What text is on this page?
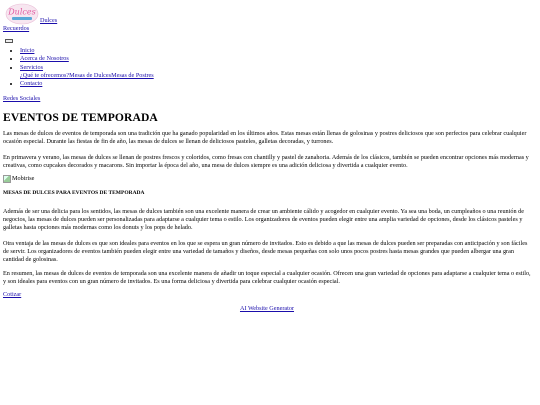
Dulces
Dulces
Recuerdos
• Inicio
• Acerca de Nosotros
• Servicios
¿Qué te ofrecemos?Mesas de DulcesMesas de Postres
• Contacto
Redes Sociales
EVENTOS DE TEMPORADA

Las mesas de dulces de eventos de temporada son una tradición que ha ganado popularidad en los últimos años. Estas mesas están llenas de golosinas y postres deliciosos que son perfectos para celebrar cualquier ocasión especial. Durante las fiestas de fin de año, las mesas de dulces se llenan de deliciosos pasteles, galletas decoradas, y turrones.

En primavera y verano, las mesas de dulces se llenan de postres frescos y coloridos, como fresas con chantilly y pastel de zanahoria. Además de los clásicos, también se pueden encontrar opciones más modernas y creativas, como cupcakes decorados y macarons. Sin importar la época del año, una mesa de dulces siempre es una adición deliciosa y divertida a cualquier evento.

Mobirise
MESAS DE DULCES PARA EVENTOS DE TEMPORADA

Además de ser una delicia para los sentidos, las mesas de dulces también son una excelente manera de crear un ambiente cálido y acogedor en cualquier evento. Ya sea una boda, un cumpleaños o una reunión de negocios, las mesas de dulces pueden ser personalizadas para adaptarse a cualquier tema o estilo. Los organizadores de eventos pueden elegir entre una amplia variedad de opciones, desde los clásicos pasteles y galletas hasta opciones más modernas como los donuts y los pops de helado.

Otra ventaja de las mesas de dulces es que son ideales para eventos en los que se espera un gran número de invitados. Esto es debido a que las mesas de dulces pueden ser preparadas con anticipación y son fáciles de servir. Los organizadores de eventos también pueden elegir entre una variedad de tamaños y diseños, desde mesas pequeñas con solo unos pocos postres hasta mesas grandes que pueden albergar una gran cantidad de golosinas.

En resumen, las mesas de dulces de eventos de temporada son una excelente manera de añadir un toque especial a cualquier ocasión. Ofrecen una gran variedad de opciones para adaptarse a cualquier tema o estilo, y son ideales para eventos con un gran número de invitados. Es una forma deliciosa y divertida para celebrar cualquier ocasión especial.

Cotizar
AI Website Generator
